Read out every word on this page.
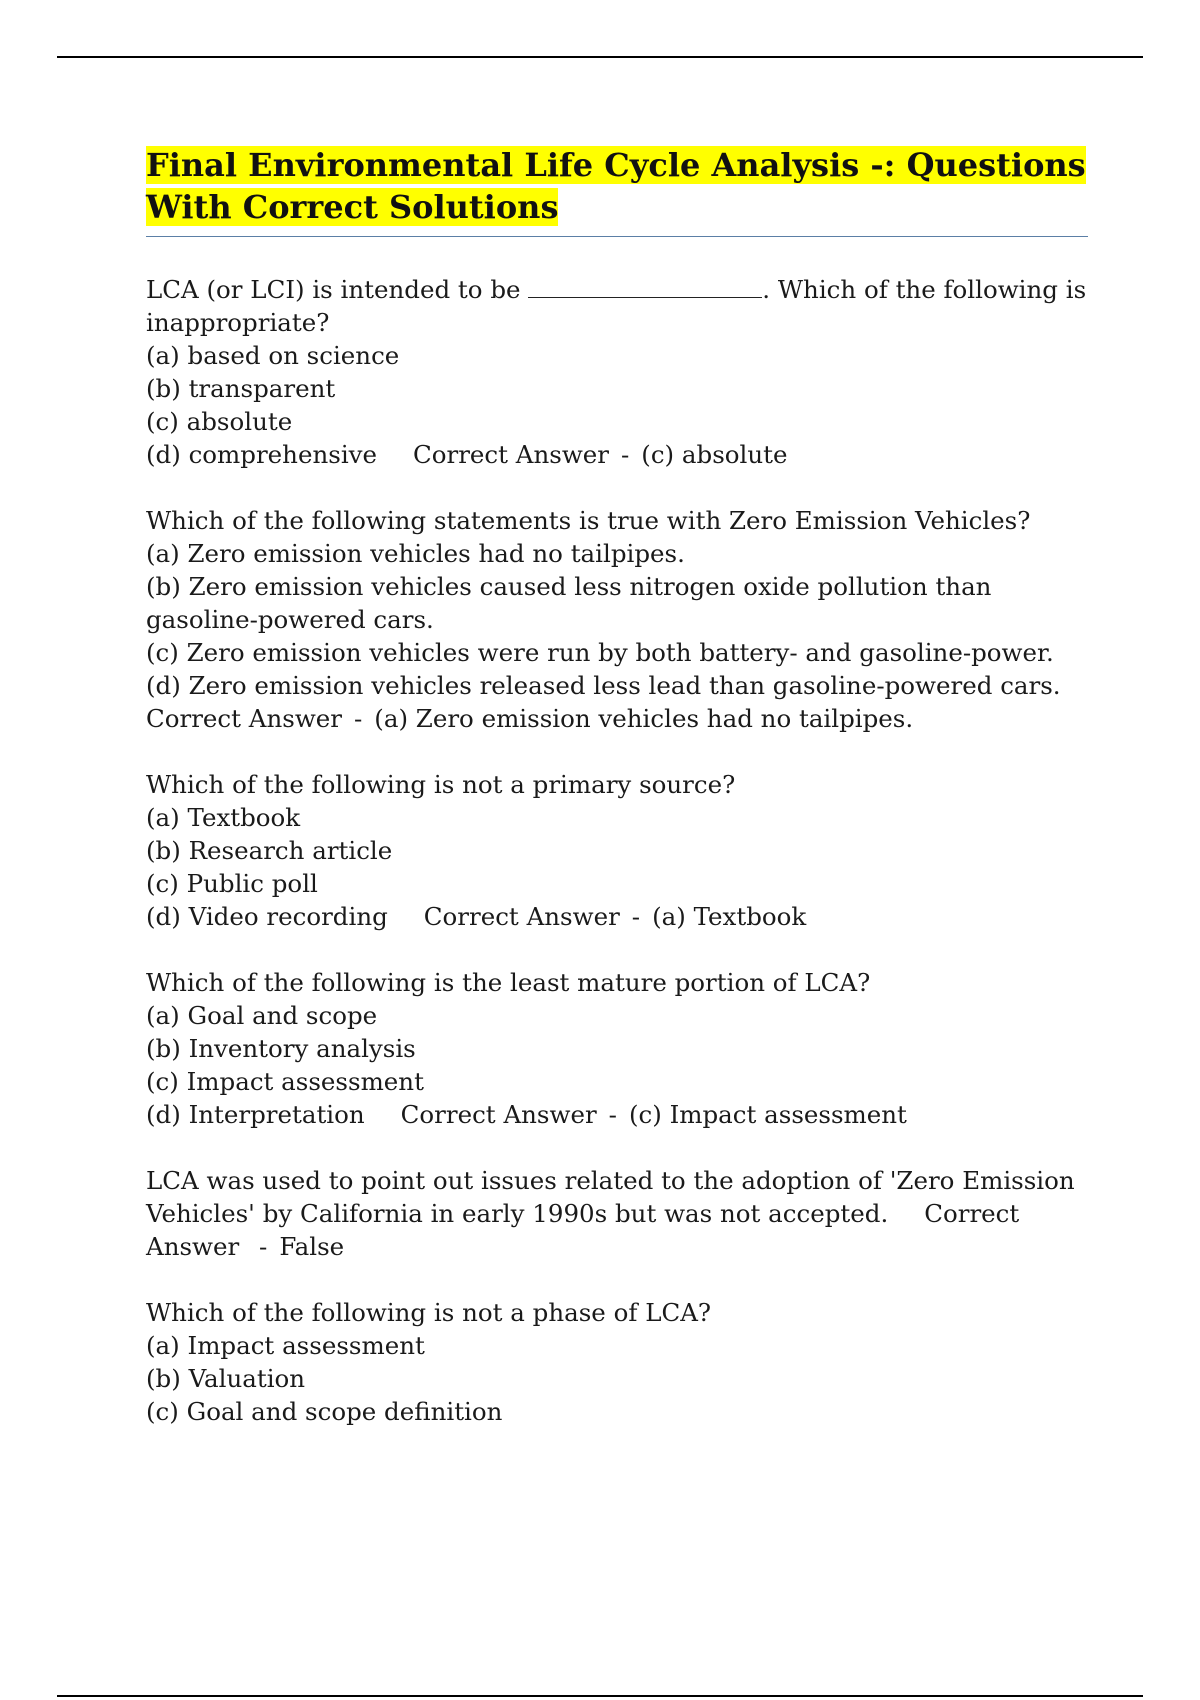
Final Environmental Life Cycle Analysis -: Questions
With Correct Solutions
LCA (or LCI) is intended to be	. Which of the following is inappropriate?
(a) based on science
(b) transparent
(c) absolute
(d) comprehensive Correct Answer - (c) absolute
Which of the following statements is true with Zero Emission Vehicles?
(a) Zero emission vehicles had no tailpipes.
(b) Zero emission vehicles caused less nitrogen oxide pollution than gasoline-powered cars.
(c) Zero emission vehicles were run by both battery- and gasoline-power.
(d) Zero emission vehicles released less lead than gasoline-powered cars.
Correct Answer - (a) Zero emission vehicles had no tailpipes.
Which of the following is not a primary source?
(a) Textbook
(b) Research article
(c) Public poll
(d) Video recording Correct Answer - (a) Textbook
Which of the following is the least mature portion of LCA?
(a) Goal and scope
(b) Inventory analysis
(c) Impact assessment
(d) Interpretation Correct Answer - (c) Impact assessment
LCA was used to point out issues related to the adoption of 'Zero Emission Vehicles' by California in early 1990s but was not accepted. Correct Answer - False
Which of the following is not a phase of LCA?
(a) Impact assessment
(b) Valuation
(c) Goal and scope definition
